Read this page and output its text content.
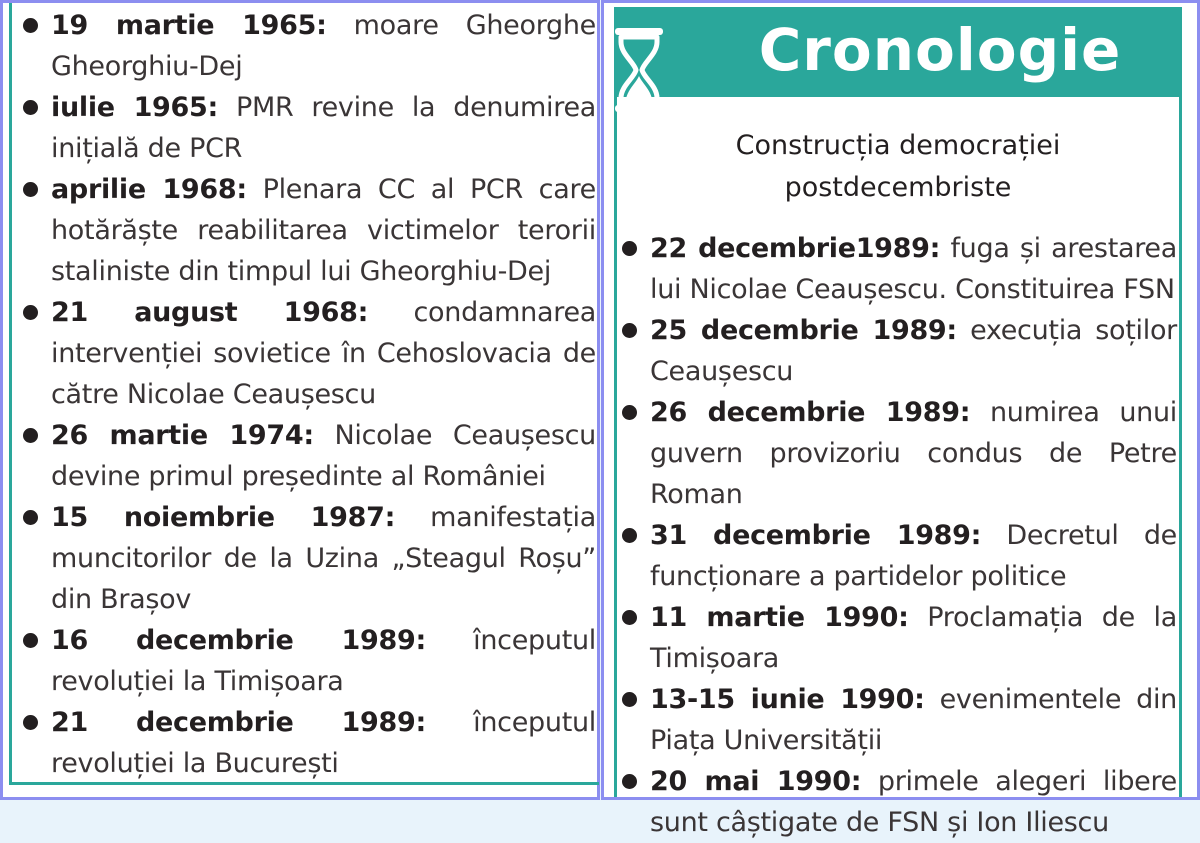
19 martie 1965: moare Gheorghe Gheorghiu-Dej
iulie 1965: PMR revine la denumirea inițială de PCR
aprilie 1968: Plenara CC al PCR care hotărăște reabilitarea victimelor terorii staliniste din timpul lui Gheorghiu-Dej
21 august 1968: condamnarea intervenției sovietice în Cehoslovacia de către Nicolae Ceaușescu
26 martie 1974: Nicolae Ceaușescu devine primul președinte al României
15 noiembrie 1987: manifestația muncitorilor de la Uzina „Steagul Roșu” din Brașov
16 decembrie 1989: începutul revoluției la Timișoara
21 decembrie 1989: începutul revoluției la București
Cronologie
Construcția democrației
postdecembriste
22 decembrie1989: fuga și arestarea lui Nicolae Ceaușescu. Constituirea FSN
25 decembrie 1989: execuția soților Ceaușescu
26 decembrie 1989: numirea unui guvern provizoriu condus de Petre Roman
31 decembrie 1989: Decretul de funcționare a partidelor politice
11 martie 1990: Proclamația de la Timișoara
13-15 iunie 1990: evenimentele din Piața Universității
20 mai 1990: primele alegeri libere sunt câștigate de FSN și Ion Iliescu
